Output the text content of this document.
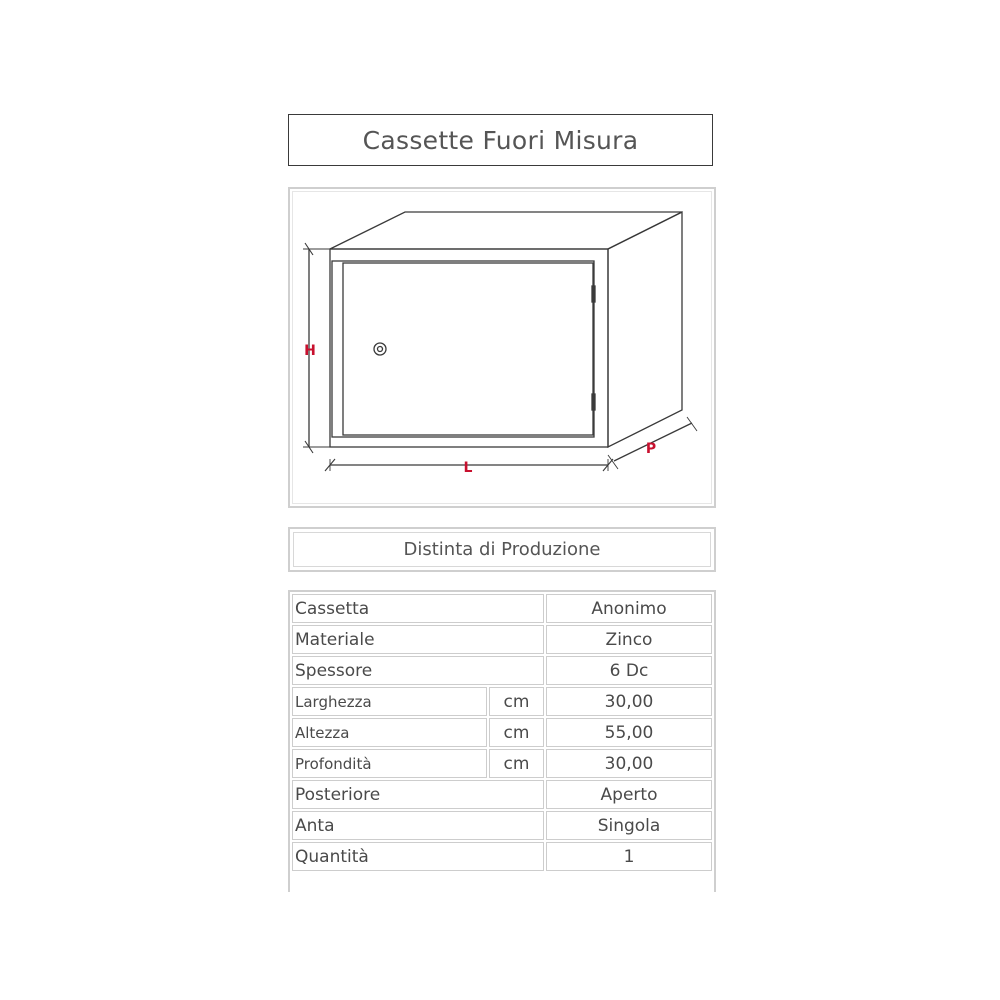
Cassette Fuori Misura
H
L
P
Distinta di Produzione
Cassetta		Anonimo
Materiale		Zinco
Spessore		6 Dc
Larghezza	cm	30,00
Altezza	cm	55,00
Profondità	cm	30,00
Posteriore		Aperto
Anta		Singola
Quantità		1
